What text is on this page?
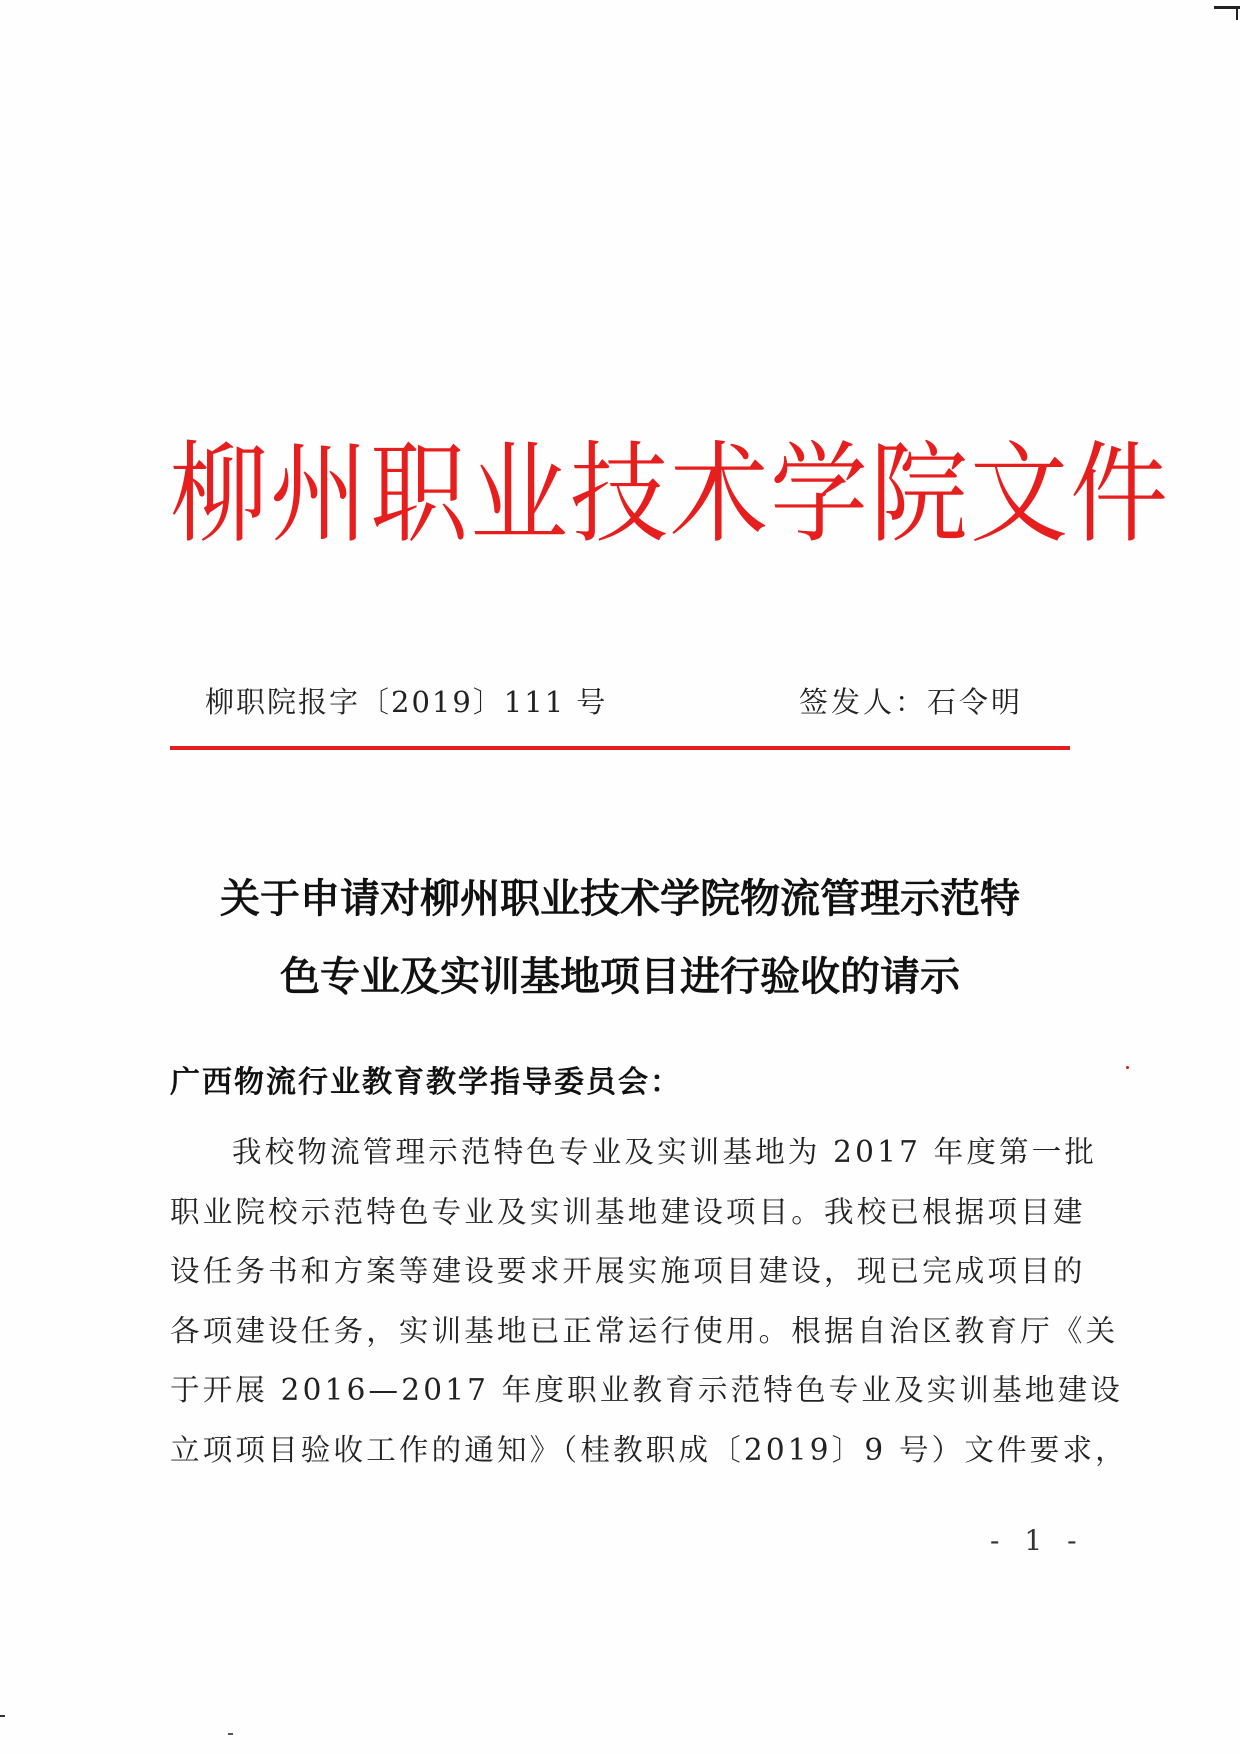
柳州职业技术学院文件
柳职院报字〔2019〕111 号	签发人：石令明
关于申请对柳州职业技术学院物流管理示范特
色专业及实训基地项目进行验收的请示
广西物流行业教育教学指导委员会：
我校物流管理示范特色专业及实训基地为 2017 年度第一批
职业院校示范特色专业及实训基地建设项目。我校已根据项目建
设任务书和方案等建设要求开展实施项目建设，现已完成项目的
各项建设任务，实训基地已正常运行使用。根据自治区教育厅《关
于开展 2016—2017 年度职业教育示范特色专业及实训基地建设
立项项目验收工作的通知》（桂教职成〔2019〕9 号）文件要求，
- 1 -
